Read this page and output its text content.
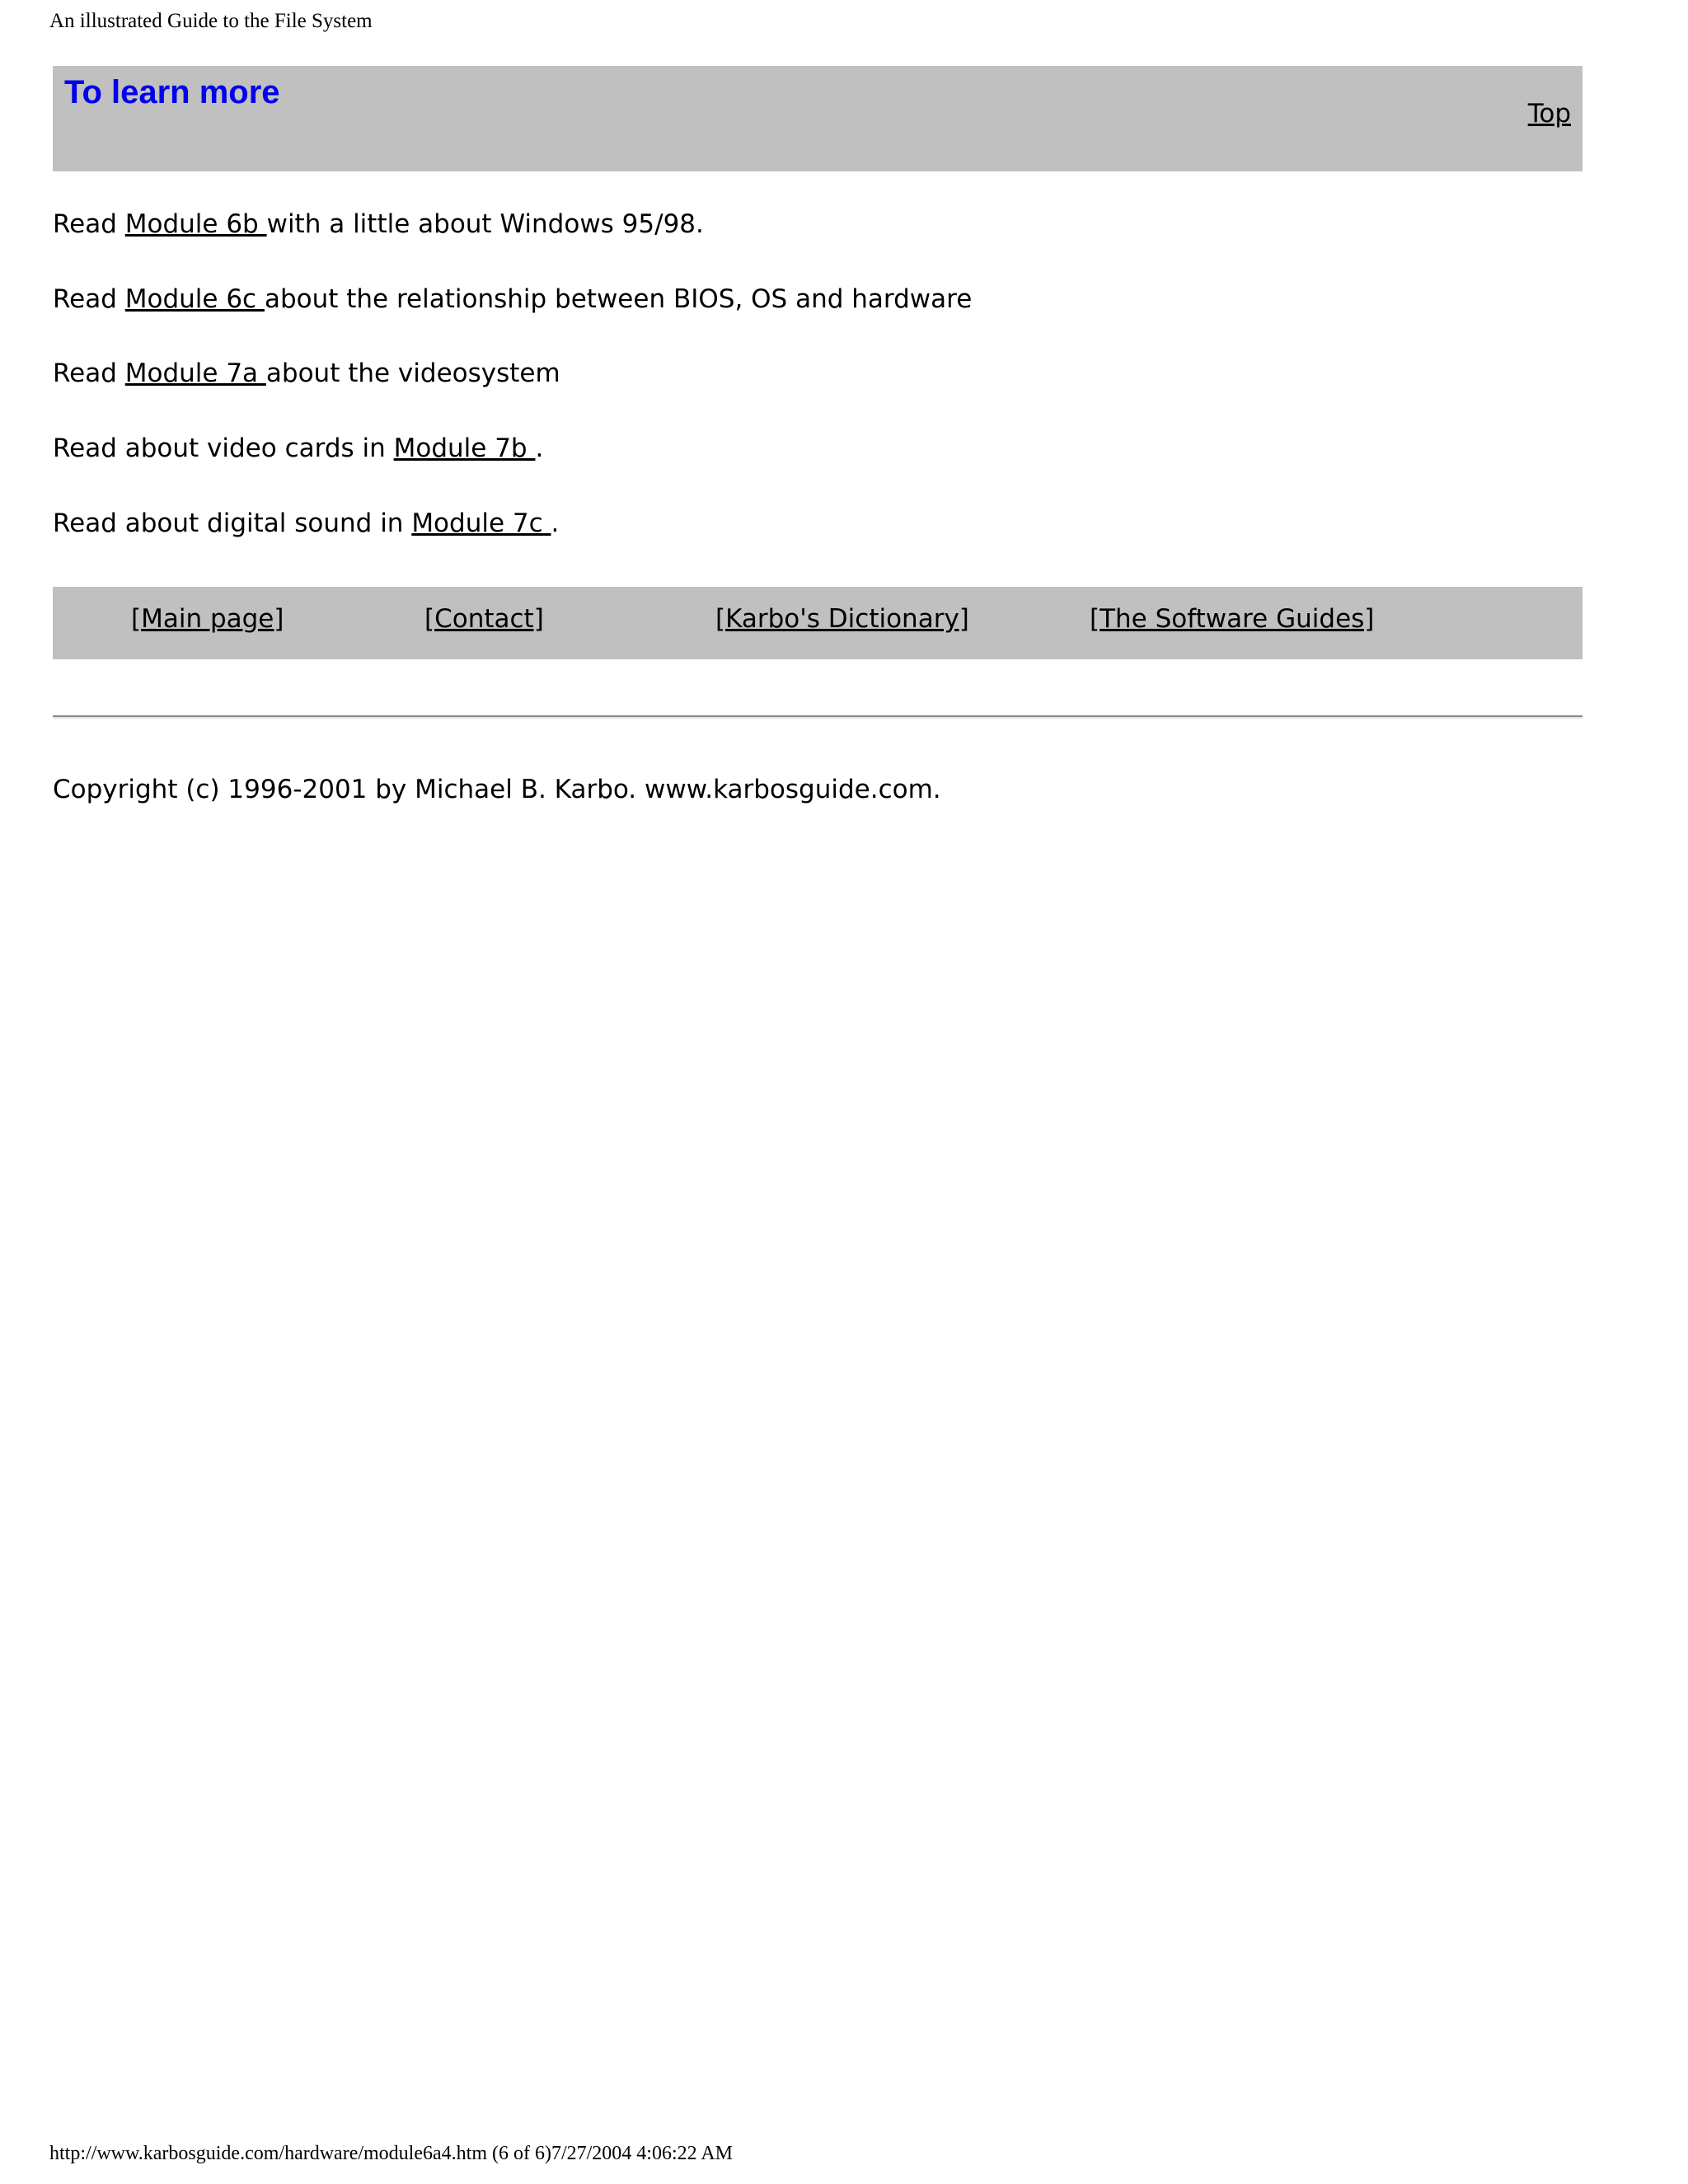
An illustrated Guide to the File System
To learn more
Top
Read Module 6b with a little about Windows 95/98.
Read Module 6c about the relationship between BIOS, OS and hardware
Read Module 7a about the videosystem
Read about video cards in Module 7b .
Read about digital sound in Module 7c .
[Main page]	[Contact]	[Karbo's Dictionary]	[The Software Guides]
Copyright (c) 1996-2001 by Michael B. Karbo. www.karbosguide.com.
http://www.karbosguide.com/hardware/module6a4.htm (6 of 6)7/27/2004 4:06:22 AM
